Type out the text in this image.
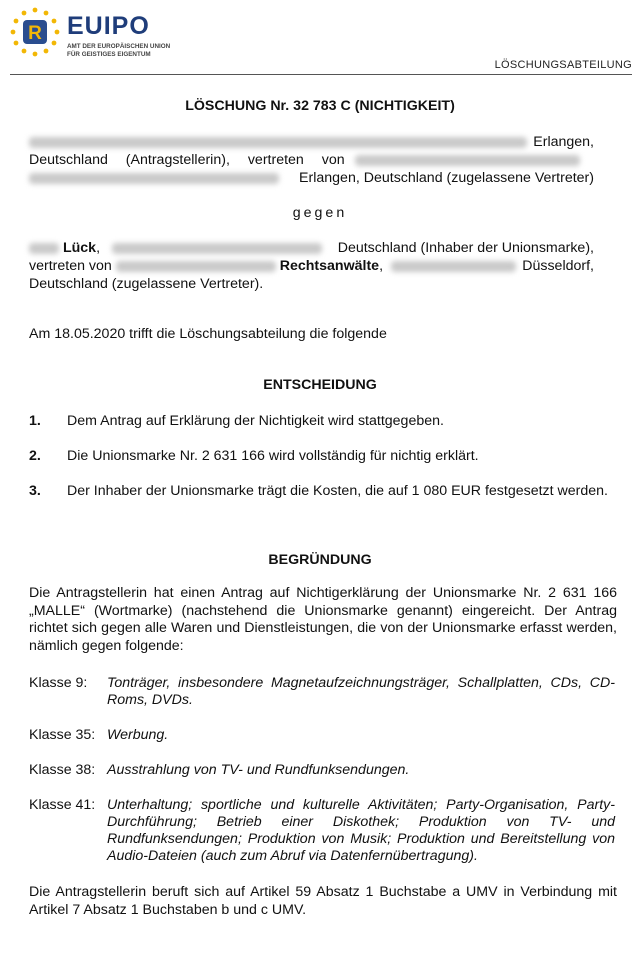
R EUIPO
AMT DER EUROPÄISCHEN UNION
FÜR GEISTIGES EIGENTUM
LÖSCHUNGSABTEILUNG
LÖSCHUNG Nr. 32 783 C (NICHTIGKEIT)
Erlangen,
Deutschland (Antragstellerin), vertreten von
Erlangen, Deutschland (zugelassene Vertreter)
gegen
Lück,	Deutschland (Inhaber der Unionsmarke),
vertreten von	Rechtsanwälte,	Düsseldorf,
Deutschland (zugelassene Vertreter).
Am 18.05.2020 trifft die Löschungsabteilung die folgende
ENTSCHEIDUNG
1. Dem Antrag auf Erklärung der Nichtigkeit wird stattgegeben.
2. Die Unionsmarke Nr. 2 631 166 wird vollständig für nichtig erklärt.
3. Der Inhaber der Unionsmarke trägt die Kosten, die auf 1 080 EUR festgesetzt werden.
BEGRÜNDUNG
Die Antragstellerin hat einen Antrag auf Nichtigerklärung der Unionsmarke Nr. 2 631 166 „MALLE“ (Wortmarke) (nachstehend die Unionsmarke genannt) eingereicht. Der Antrag richtet sich gegen alle Waren und Dienstleistungen, die von der Unionsmarke erfasst werden, nämlich gegen folgende:
Klasse 9: Tonträger, insbesondere Magnetaufzeichnungsträger, Schallplatten, CDs, CD-Roms, DVDs.
Klasse 35: Werbung.
Klasse 38: Ausstrahlung von TV- und Rundfunksendungen.
Klasse 41: Unterhaltung; sportliche und kulturelle Aktivitäten; Party-Organisation, Party-Durchführung; Betrieb einer Diskothek; Produktion von TV- und Rundfunksendungen; Produktion von Musik; Produktion und Bereitstellung von Audio-Dateien (auch zum Abruf via Datenfernübertragung).
Die Antragstellerin beruft sich auf Artikel 59 Absatz 1 Buchstabe a UMV in Verbindung mit Artikel 7 Absatz 1 Buchstaben b und c UMV.
